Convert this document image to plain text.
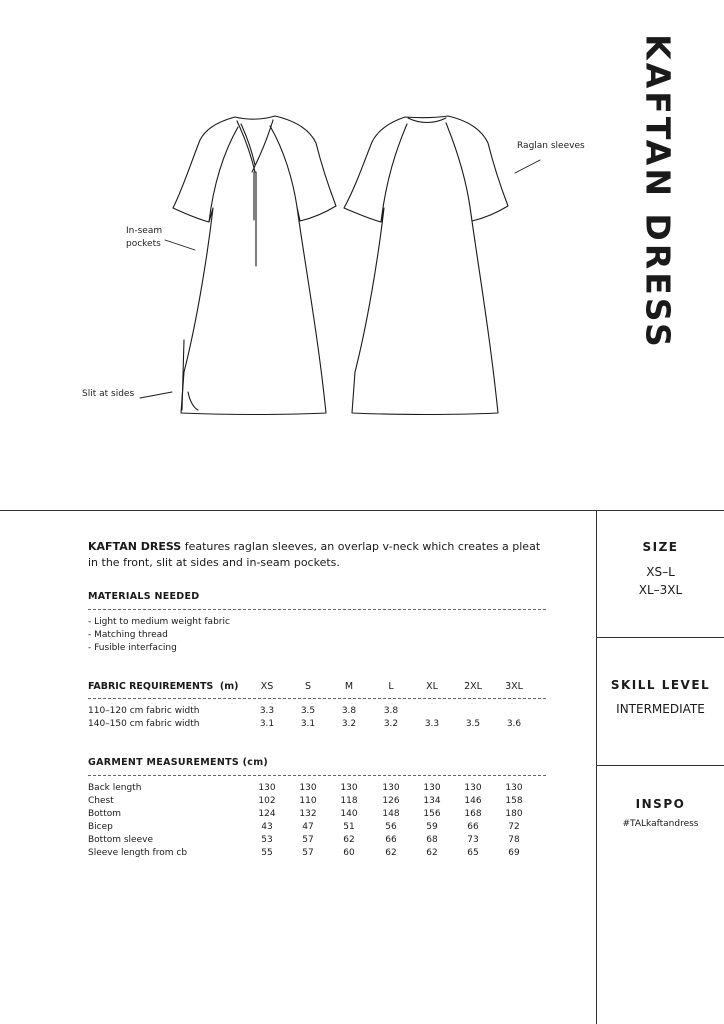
Raglan sleeves
In-seam
pockets
Slit at sides
KAFTAN DRESS

KAFTAN DRESS features raglan sleeves, an overlap v-neck which creates a pleat in the front, slit at sides and in-seam pockets.

MATERIALS NEEDED
- Light to medium weight fabric
- Matching thread
- Fusible interfacing
FABRIC REQUIREMENTS (m)	XS	S	M	L	XL	2XL	3XL
110–120 cm fabric width	3.3	3.5	3.8	3.8
140–150 cm fabric width	3.1	3.1	3.2	3.2	3.3	3.5	3.6
GARMENT MEASUREMENTS (cm)
Back length	130	130	130	130	130	130	130
Chest	102	110	118	126	134	146	158
Bottom	124	132	140	148	156	168	180
Bicep	43	47	51	56	59	66	72
Bottom sleeve	53	57	62	66	68	73	78
Sleeve length from cb	55	57	60	62	62	65	69
SIZE
XS–L
XL–3XL
SKILL LEVEL
INTERMEDIATE
INSPO
#TALkaftandress
